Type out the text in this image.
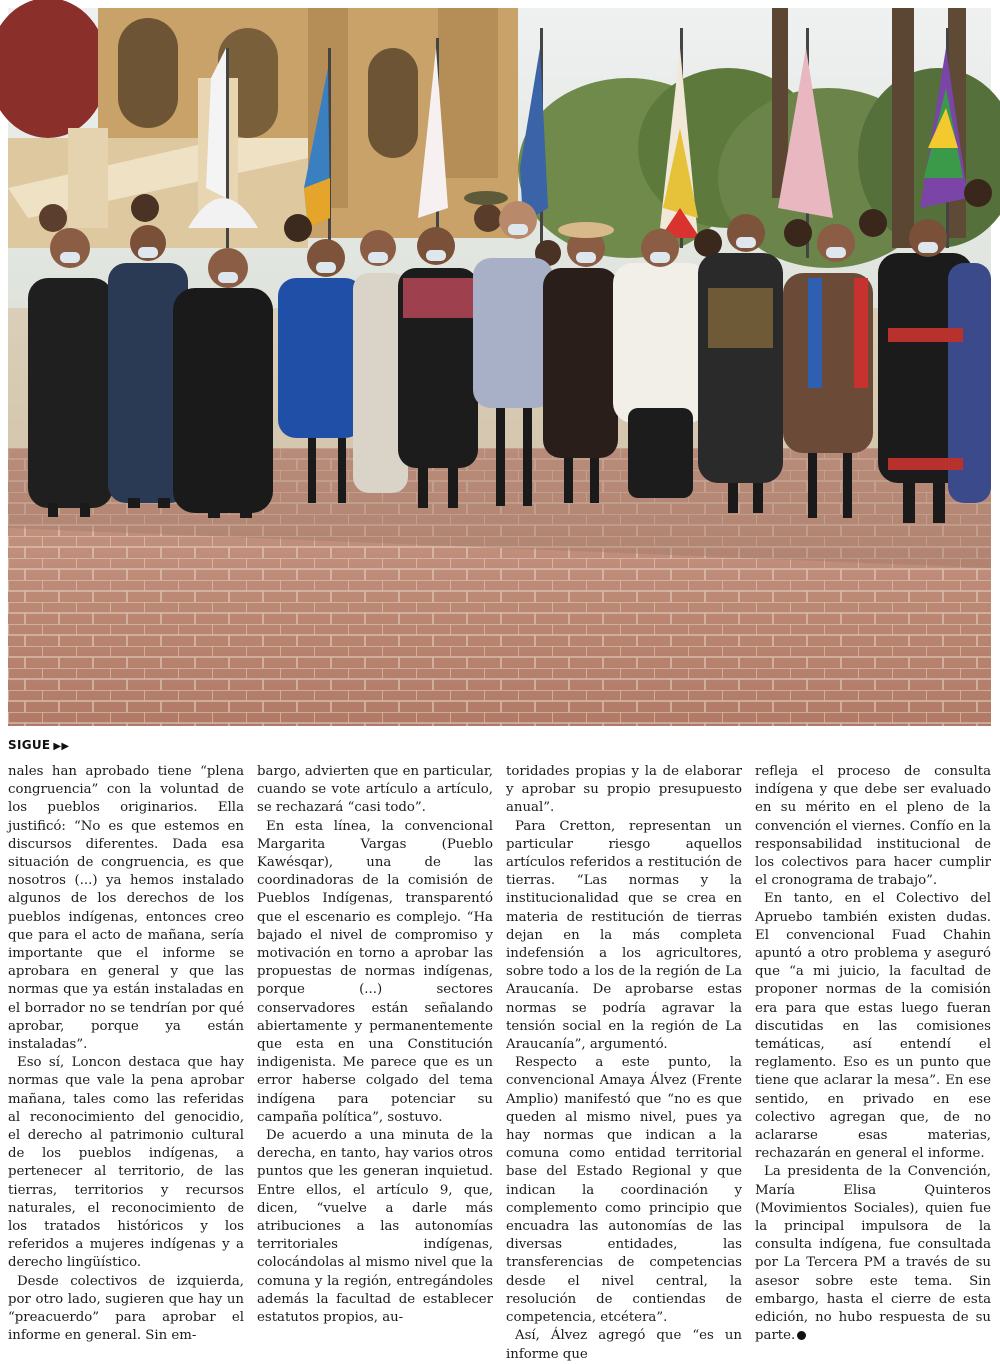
SIGUE ▶▶

nales han aprobado tiene “plena congruencia” con la voluntad de los pueblos originarios. Ella justificó: “No es que estemos en discursos diferentes. Dada esa situación de congruencia, es que nosotros (...) ya hemos instalado algunos de los derechos de los pueblos indígenas, entonces creo que para el acto de mañana, sería importante que el informe se aprobara en general y que las normas que ya están instaladas en el borrador no se tendrían por qué aprobar, porque ya están instaladas”.

Eso sí, Loncon destaca que hay normas que vale la pena aprobar mañana, tales como las referidas al reconocimiento del genocidio, el derecho al patrimonio cultural de los pueblos indígenas, a pertenecer al territorio, de las tierras, territorios y recursos naturales, el reconocimiento de los tratados históricos y los referidos a mujeres indígenas y a derecho lingüístico.

Desde colectivos de izquierda, por otro lado, sugieren que hay un “preacuerdo” para aprobar el informe en general. Sin em-

bargo, advierten que en particular, cuando se vote artículo a artículo, se rechazará “casi todo”.

En esta línea, la convencional Margarita Vargas (Pueblo Kawésqar), una de las coordinadoras de la comisión de Pueblos Indígenas, transparentó que el escenario es complejo. “Ha bajado el nivel de compromiso y motivación en torno a aprobar las propuestas de normas indígenas, porque (...) sectores conservadores están señalando abiertamente y permanentemente que esta en una Constitución indigenista. Me parece que es un error haberse colgado del tema indígena para potenciar su campaña política”, sostuvo.

De acuerdo a una minuta de la derecha, en tanto, hay varios otros puntos que les generan inquietud. Entre ellos, el artículo 9, que, dicen, “vuelve a darle más atribuciones a las autonomías territoriales indígenas, colocándolas al mismo nivel que la comuna y la región, entregándoles además la facultad de establecer estatutos propios, au-

toridades propias y la de elaborar y aprobar su propio presupuesto anual”.

Para Cretton, representan un particular riesgo aquellos artículos referidos a restitución de tierras. “Las normas y la institucionalidad que se crea en materia de restitución de tierras dejan en la más completa indefensión a los agricultores, sobre todo a los de la región de La Araucanía. De aprobarse estas normas se podría agravar la tensión social en la región de La Araucanía”, argumentó.

Respecto a este punto, la convencional Amaya Álvez (Frente Amplio) manifestó que “no es que queden al mismo nivel, pues ya hay normas que indican a la comuna como entidad territorial base del Estado Regional y que indican la coordinación y complemento como principio que encuadra las autonomías de las diversas entidades, las transferencias de competencias desde el nivel central, la resolución de contiendas de competencia, etcétera”.

Así, Álvez agregó que “es un informe que

refleja el proceso de consulta indígena y que debe ser evaluado en su mérito en el pleno de la convención el viernes. Confío en la responsabilidad institucional de los colectivos para hacer cumplir el cronograma de trabajo”.

En tanto, en el Colectivo del Apruebo también existen dudas. El convencional Fuad Chahin apuntó a otro problema y aseguró que “a mi juicio, la facultad de proponer normas de la comisión era para que estas luego fueran discutidas en las comisiones temáticas, así entendí el reglamento. Eso es un punto que tiene que aclarar la mesa”. En ese sentido, en privado en ese colectivo agregan que, de no aclararse esas materias, rechazarán en general el informe.

La presidenta de la Convención, María Elisa Quinteros (Movimientos Sociales), quien fue la principal impulsora de la consulta indígena, fue consultada por La Tercera PM a través de su asesor sobre este tema. Sin embargo, hasta el cierre de esta edición, no hubo respuesta de su parte.
